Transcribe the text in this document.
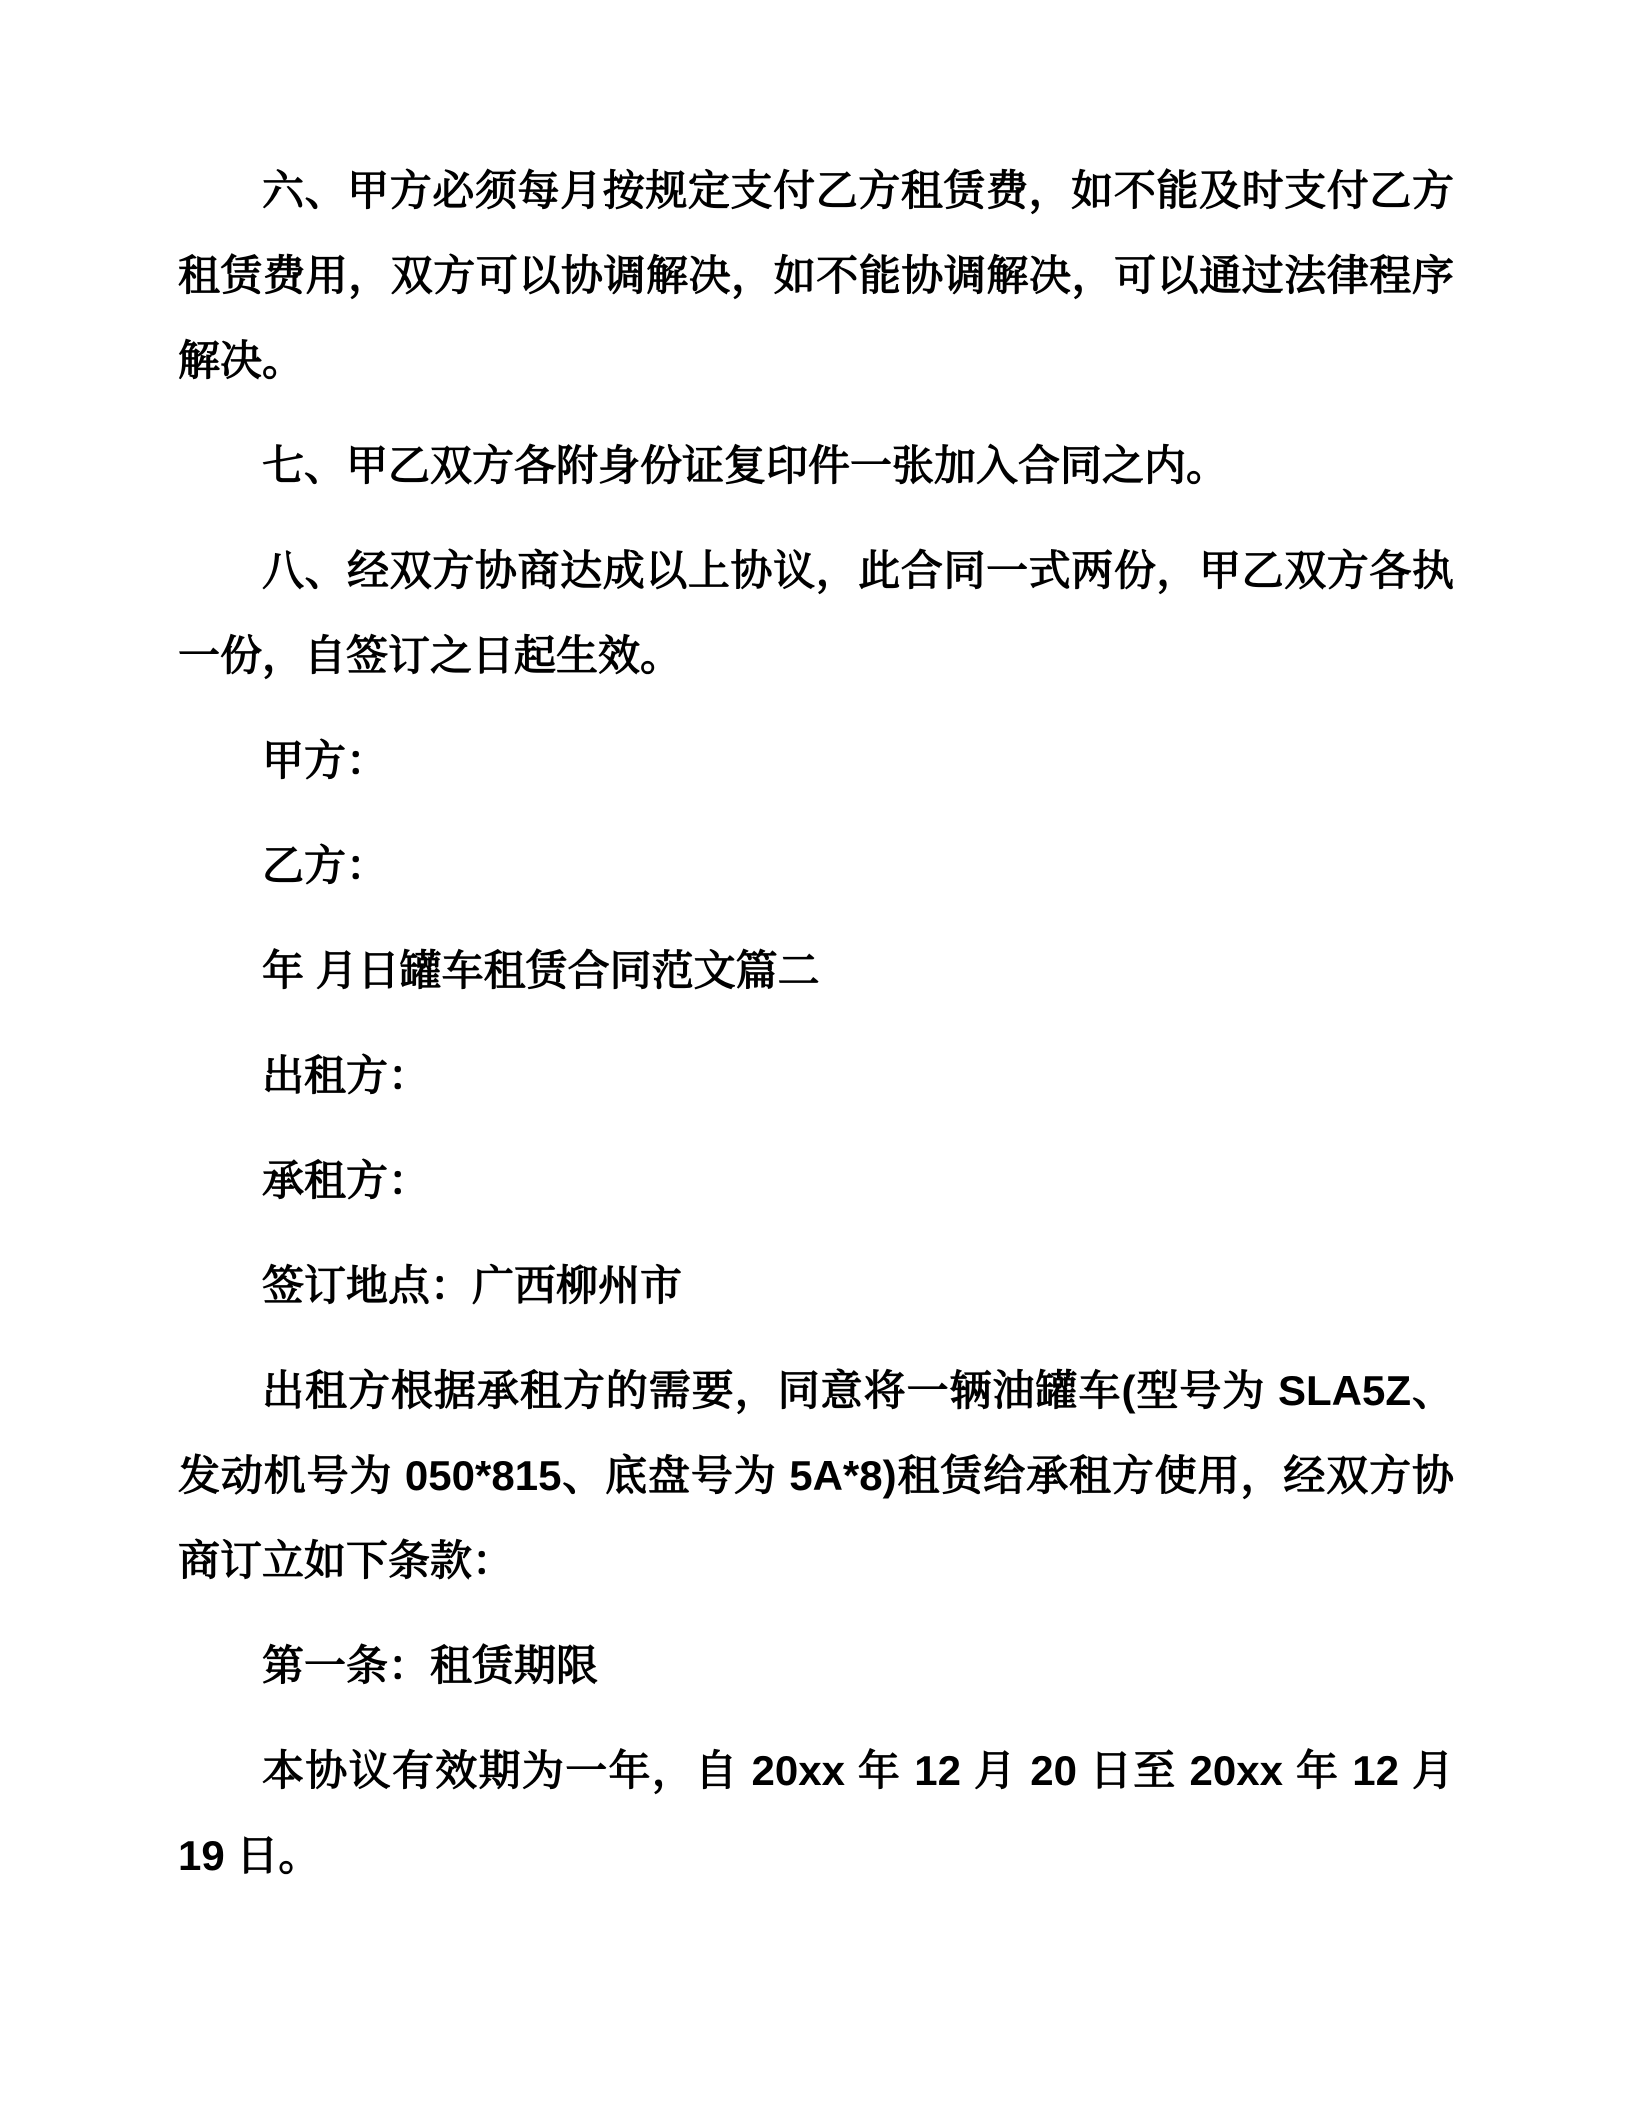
六、甲方必须每月按规定支付乙方租赁费，如不能及时支付乙方
租赁费用，双方可以协调解决，如不能协调解决，可以通过法律程序
解决。
七、甲乙双方各附身份证复印件一张加入合同之内。
八、经双方协商达成以上协议，此合同一式两份，甲乙双方各执
一份，自签订之日起生效。
甲方：
乙方：
年 月日罐车租赁合同范文篇二
出租方：
承租方：
签订地点：广西柳州市
出租方根据承租方的需要，同意将一辆油罐车(型号为 SLA5Z、
发动机号为 050*815、底盘号为 5A*8)租赁给承租方使用，经双方协
商订立如下条款：
第一条：租赁期限
本协议有效期为一年，自 20xx 年 12 月 20 日至 20xx 年 12 月
19 日。
